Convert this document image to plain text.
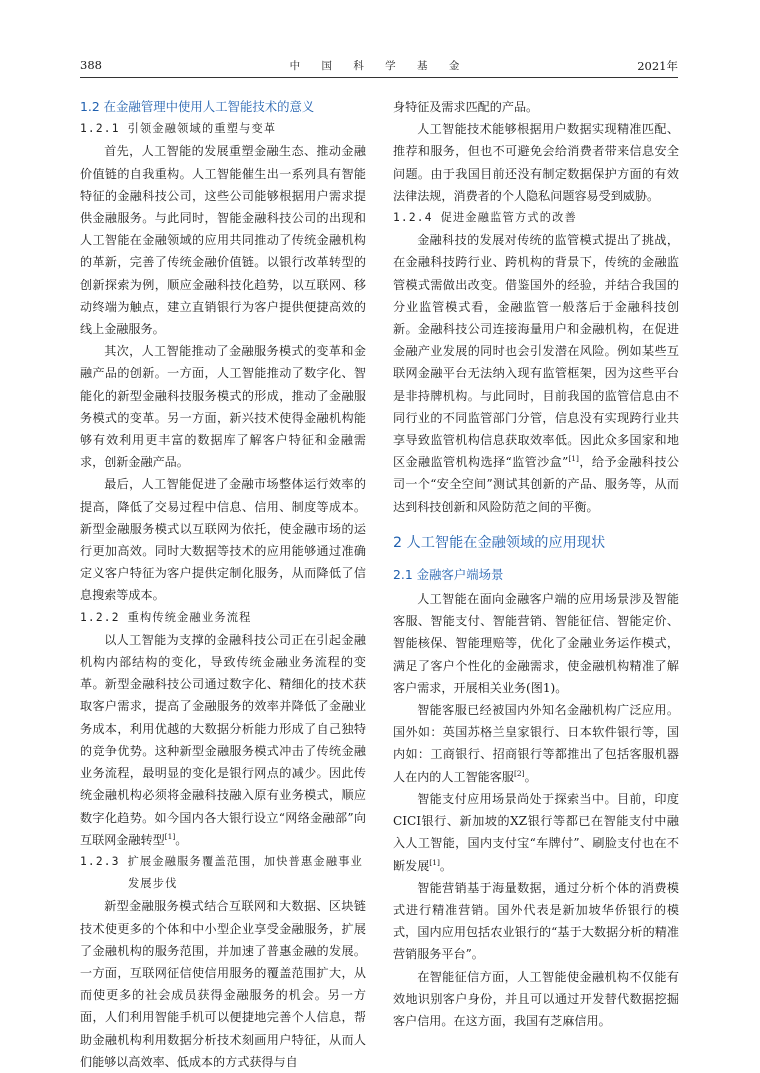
388	中 国 科 学 基 金	2021年
1.2 在金融管理中使用人工智能技术的意义
1.2.1 引领金融领域的重塑与变革

首先，人工智能的发展重塑金融生态、推动金融价值链的自我重构。人工智能催生出一系列具有智能特征的金融科技公司，这些公司能够根据用户需求提供金融服务。与此同时，智能金融科技公司的出现和人工智能在金融领域的应用共同推动了传统金融机构的革新，完善了传统金融价值链。以银行改革转型的创新探索为例，顺应金融科技化趋势，以互联网、移动终端为触点，建立直销银行为客户提供便捷高效的线上金融服务。

其次，人工智能推动了金融服务模式的变革和金融产品的创新。一方面，人工智能推动了数字化、智能化的新型金融科技服务模式的形成，推动了金融服务模式的变革。另一方面，新兴技术使得金融机构能够有效利用更丰富的数据库了解客户特征和金融需求，创新金融产品。

最后，人工智能促进了金融市场整体运行效率的提高，降低了交易过程中信息、信用、制度等成本。新型金融服务模式以互联网为依托，使金融市场的运行更加高效。同时大数据等技术的应用能够通过准确定义客户特征为客户提供定制化服务，从而降低了信息搜索等成本。

1.2.2 重构传统金融业务流程

以人工智能为支撑的金融科技公司正在引起金融机构内部结构的变化，导致传统金融业务流程的变革。新型金融科技公司通过数字化、精细化的技术获取客户需求，提高了金融服务的效率并降低了金融业务成本，利用优越的大数据分析能力形成了自己独特的竞争优势。这种新型金融服务模式冲击了传统金融业务流程，最明显的变化是银行网点的减少。因此传统金融机构必须将金融科技融入原有业务模式，顺应数字化趋势。如今国内各大银行设立“网络金融部”向互联网金融转型[1]。

1.2.3 扩展金融服务覆盖范围，加快普惠金融事业
发展步伐

新型金融服务模式结合互联网和大数据、区块链技术使更多的个体和中小型企业享受金融服务，扩展了金融机构的服务范围，并加速了普惠金融的发展。一方面，互联网征信使信用服务的覆盖范围扩大，从而使更多的社会成员获得金融服务的机会。另一方面，人们利用智能手机可以便捷地完善个人信息，帮助金融机构利用数据分析技术刻画用户特征，从而人们能够以高效率、低成本的方式获得与自

身特征及需求匹配的产品。

人工智能技术能够根据用户数据实现精准匹配、推荐和服务，但也不可避免会给消费者带来信息安全问题。由于我国目前还没有制定数据保护方面的有效法律法规，消费者的个人隐私问题容易受到威胁。

1.2.4 促进金融监管方式的改善

金融科技的发展对传统的监管模式提出了挑战，在金融科技跨行业、跨机构的背景下，传统的金融监管模式需做出改变。借鉴国外的经验，并结合我国的分业监管模式看，金融监管一般落后于金融科技创新。金融科技公司连接海量用户和金融机构，在促进金融产业发展的同时也会引发潜在风险。例如某些互联网金融平台无法纳入现有监管框架，因为这些平台是非持牌机构。与此同时，目前我国的监管信息由不同行业的不同监管部门分管，信息没有实现跨行业共享导致监管机构信息获取效率低。因此众多国家和地区金融监管机构选择“监管沙盒”[1]，给予金融科技公司一个“安全空间”测试其创新的产品、服务等，从而达到科技创新和风险防范之间的平衡。

2 人工智能在金融领域的应用现状
2.1 金融客户端场景

人工智能在面向金融客户端的应用场景涉及智能客服、智能支付、智能营销、智能征信、智能定价、智能核保、智能理赔等，优化了金融业务运作模式，满足了客户个性化的金融需求，使金融机构精准了解客户需求，开展相关业务(图1)。

智能客服已经被国内外知名金融机构广泛应用。国外如：英国苏格兰皇家银行、日本软件银行等，国内如：工商银行、招商银行等都推出了包括客服机器人在内的人工智能客服[2]。

智能支付应用场景尚处于探索当中。目前，印度CICI银行、新加坡的XZ银行等都已在智能支付中融入人工智能，国内支付宝“车牌付”、刷脸支付也在不断发展[1]。

智能营销基于海量数据，通过分析个体的消费模式进行精准营销。国外代表是新加坡华侨银行的模式，国内应用包括农业银行的“基于大数据分析的精准营销服务平台”。

在智能征信方面，人工智能使金融机构不仅能有效地识别客户身份，并且可以通过开发替代数据挖掘客户信用。在这方面，我国有芝麻信用。
